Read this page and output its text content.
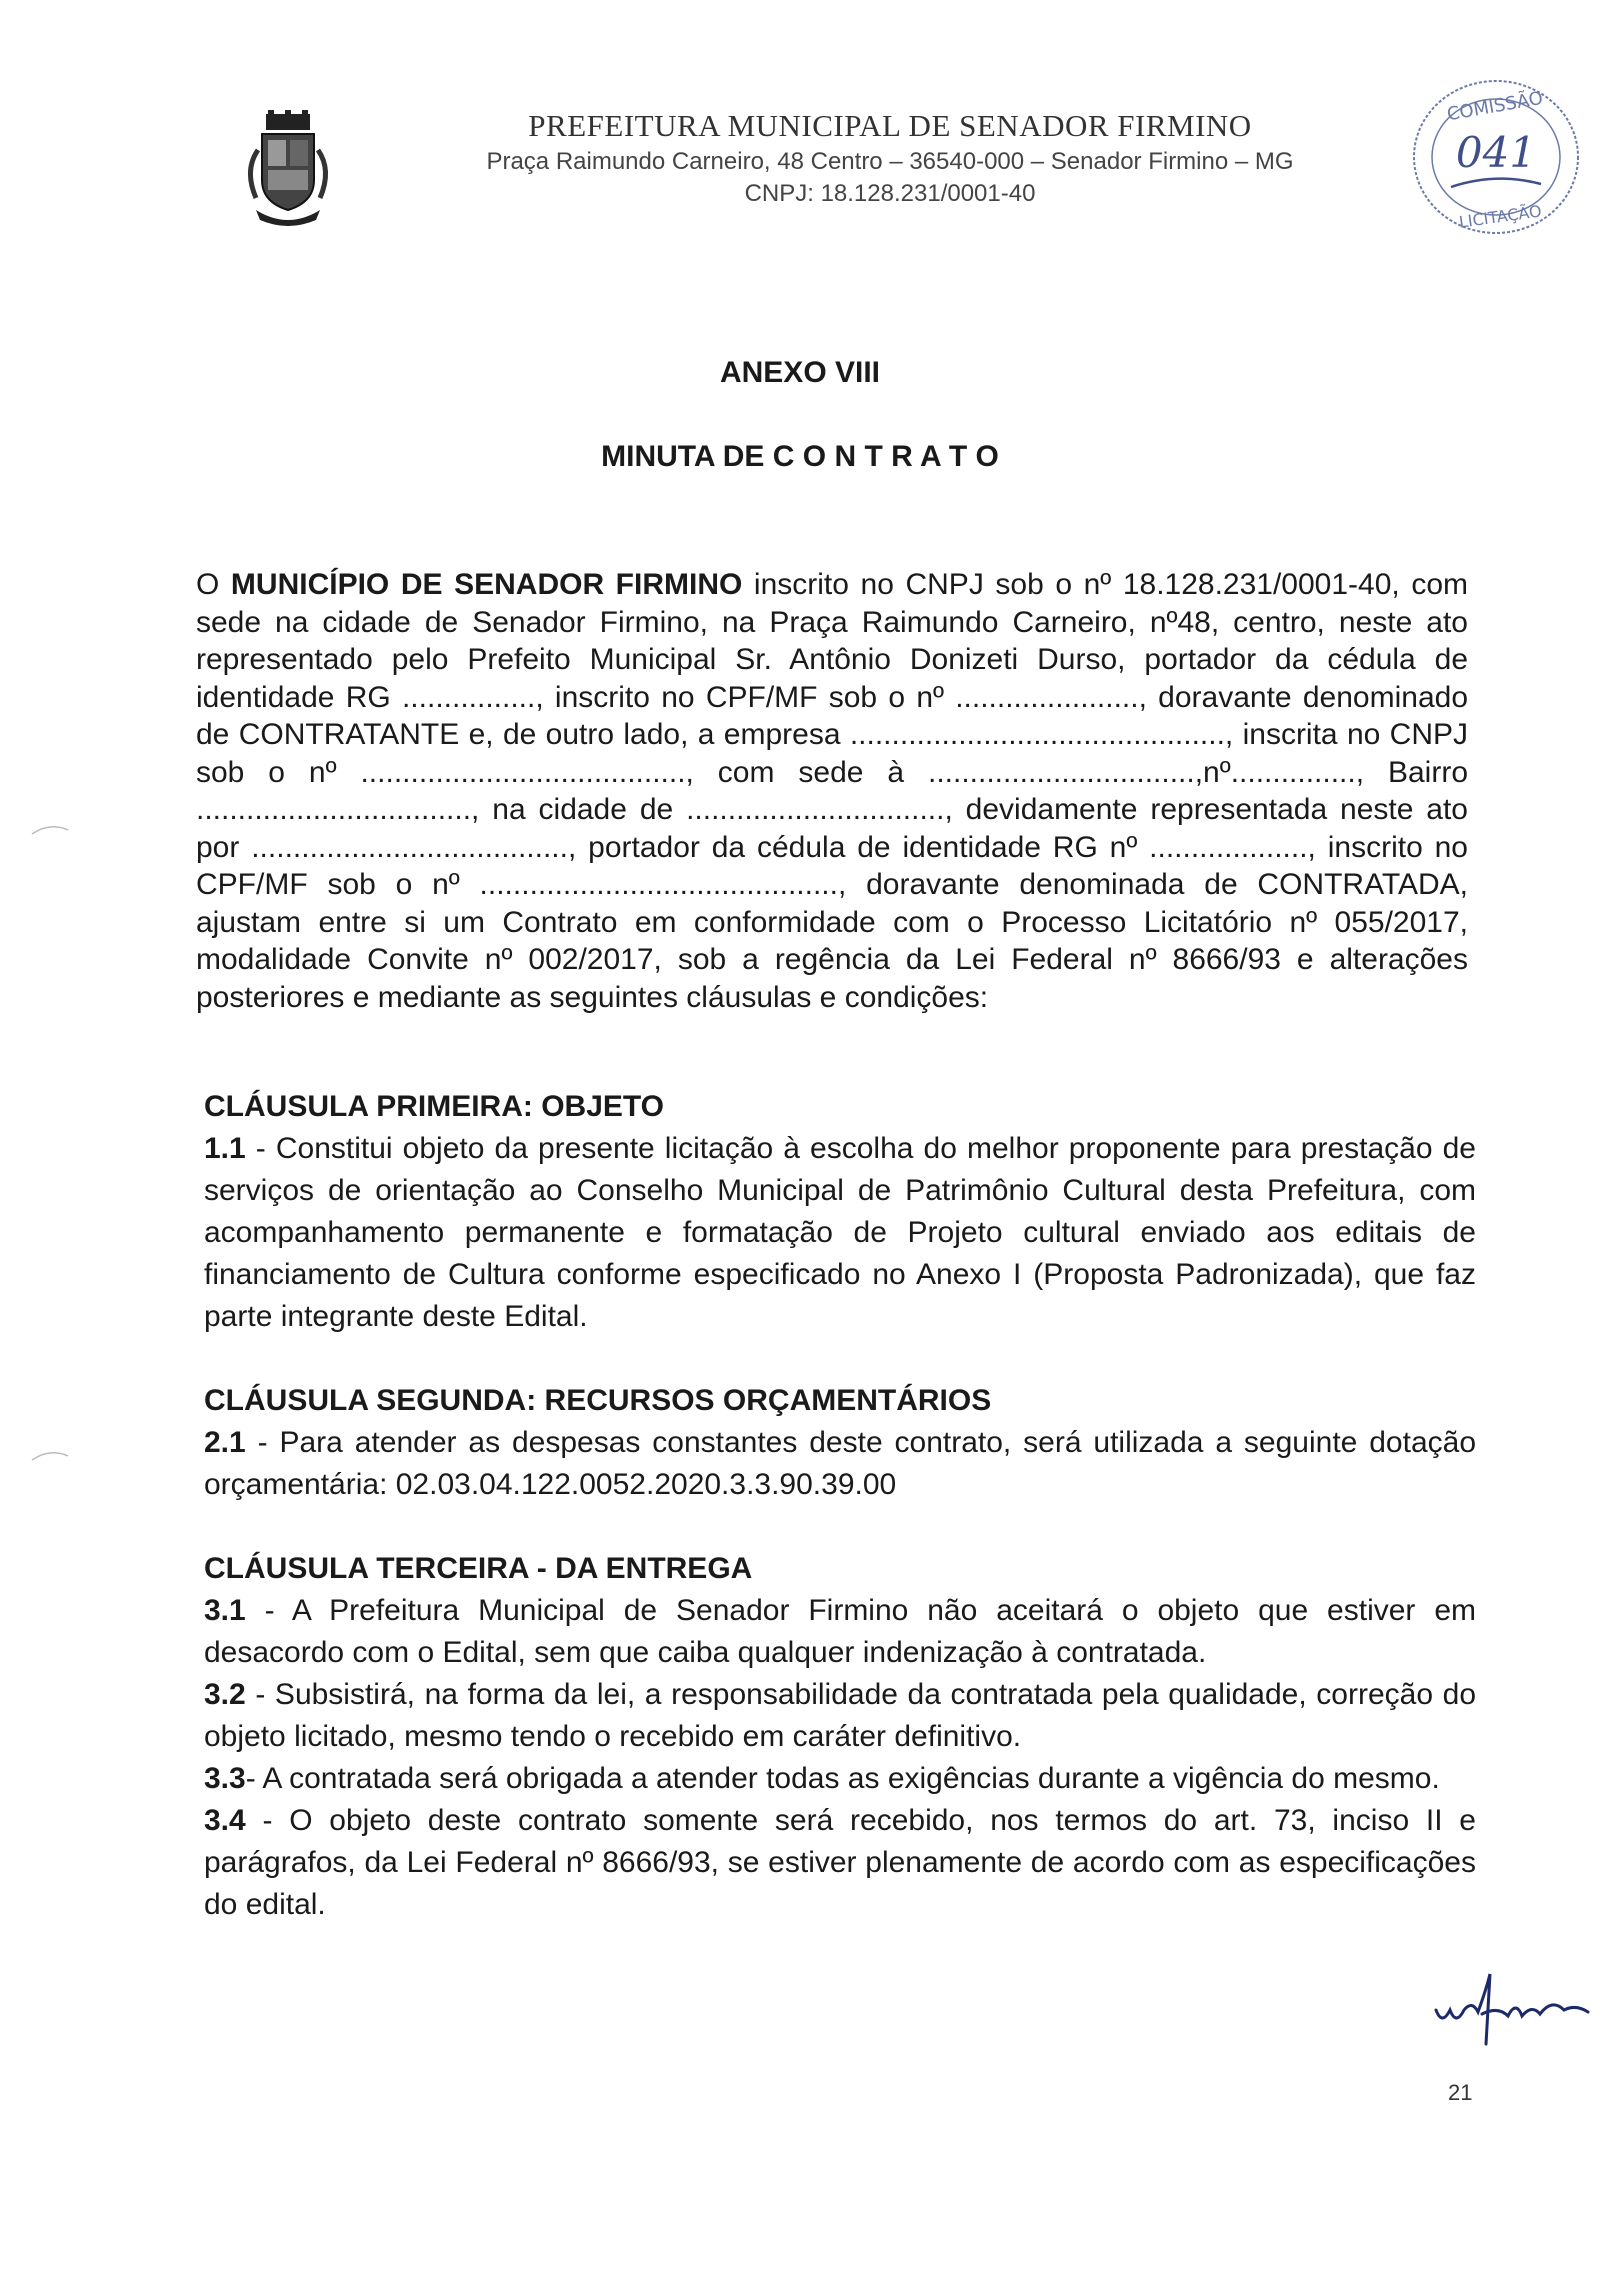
PREFEITURA MUNICIPAL DE SENADOR FIRMINO
Praça Raimundo Carneiro, 48 Centro – 36540-000 – Senador Firmino – MG
CNPJ: 18.128.231/0001-40
COMISSÃO
041
LICITAÇÃO
ANEXO VIII
MINUTA DE C O N T R A T O
O MUNICÍPIO DE SENADOR FIRMINO inscrito no CNPJ sob o nº 18.128.231/0001-40, com sede na cidade de Senador Firmino, na Praça Raimundo Carneiro, nº48, centro, neste ato representado pelo Prefeito Municipal Sr. Antônio Donizeti Durso, portador da cédula de identidade RG ................, inscrito no CPF/MF sob o nº ......................, doravante denominado de CONTRATANTE e, de outro lado, a empresa ............................................., inscrita no CNPJ sob o nº ......................................., com sede à ................................,nº..............., Bairro ................................., na cidade de ..............................., devidamente representada neste ato por ......................................, portador da cédula de identidade RG nº ..................., inscrito no CPF/MF sob o nº ..........................................., doravante denominada de CONTRATADA, ajustam entre si um Contrato em conformidade com o Processo Licitatório nº 055/2017, modalidade Convite nº 002/2017, sob a regência da Lei Federal nº 8666/93 e alterações posteriores e mediante as seguintes cláusulas e condições:

CLÁUSULA PRIMEIRA: OBJETO

1.1 - Constitui objeto da presente licitação à escolha do melhor proponente para prestação de serviços de orientação ao Conselho Municipal de Patrimônio Cultural desta Prefeitura, com acompanhamento permanente e formatação de Projeto cultural enviado aos editais de financiamento de Cultura conforme especificado no Anexo I (Proposta Padronizada), que faz parte integrante deste Edital.

CLÁUSULA SEGUNDA: RECURSOS ORÇAMENTÁRIOS

2.1 - Para atender as despesas constantes deste contrato, será utilizada a seguinte dotação orçamentária: 02.03.04.122.0052.2020.3.3.90.39.00

CLÁUSULA TERCEIRA - DA ENTREGA

3.1 - A Prefeitura Municipal de Senador Firmino não aceitará o objeto que estiver em desacordo com o Edital, sem que caiba qualquer indenização à contratada.

3.2 - Subsistirá, na forma da lei, a responsabilidade da contratada pela qualidade, correção do objeto licitado, mesmo tendo o recebido em caráter definitivo.

3.3- A contratada será obrigada a atender todas as exigências durante a vigência do mesmo.

3.4 - O objeto deste contrato somente será recebido, nos termos do art. 73, inciso II e parágrafos, da Lei Federal nº 8666/93, se estiver plenamente de acordo com as especificações do edital.

21
